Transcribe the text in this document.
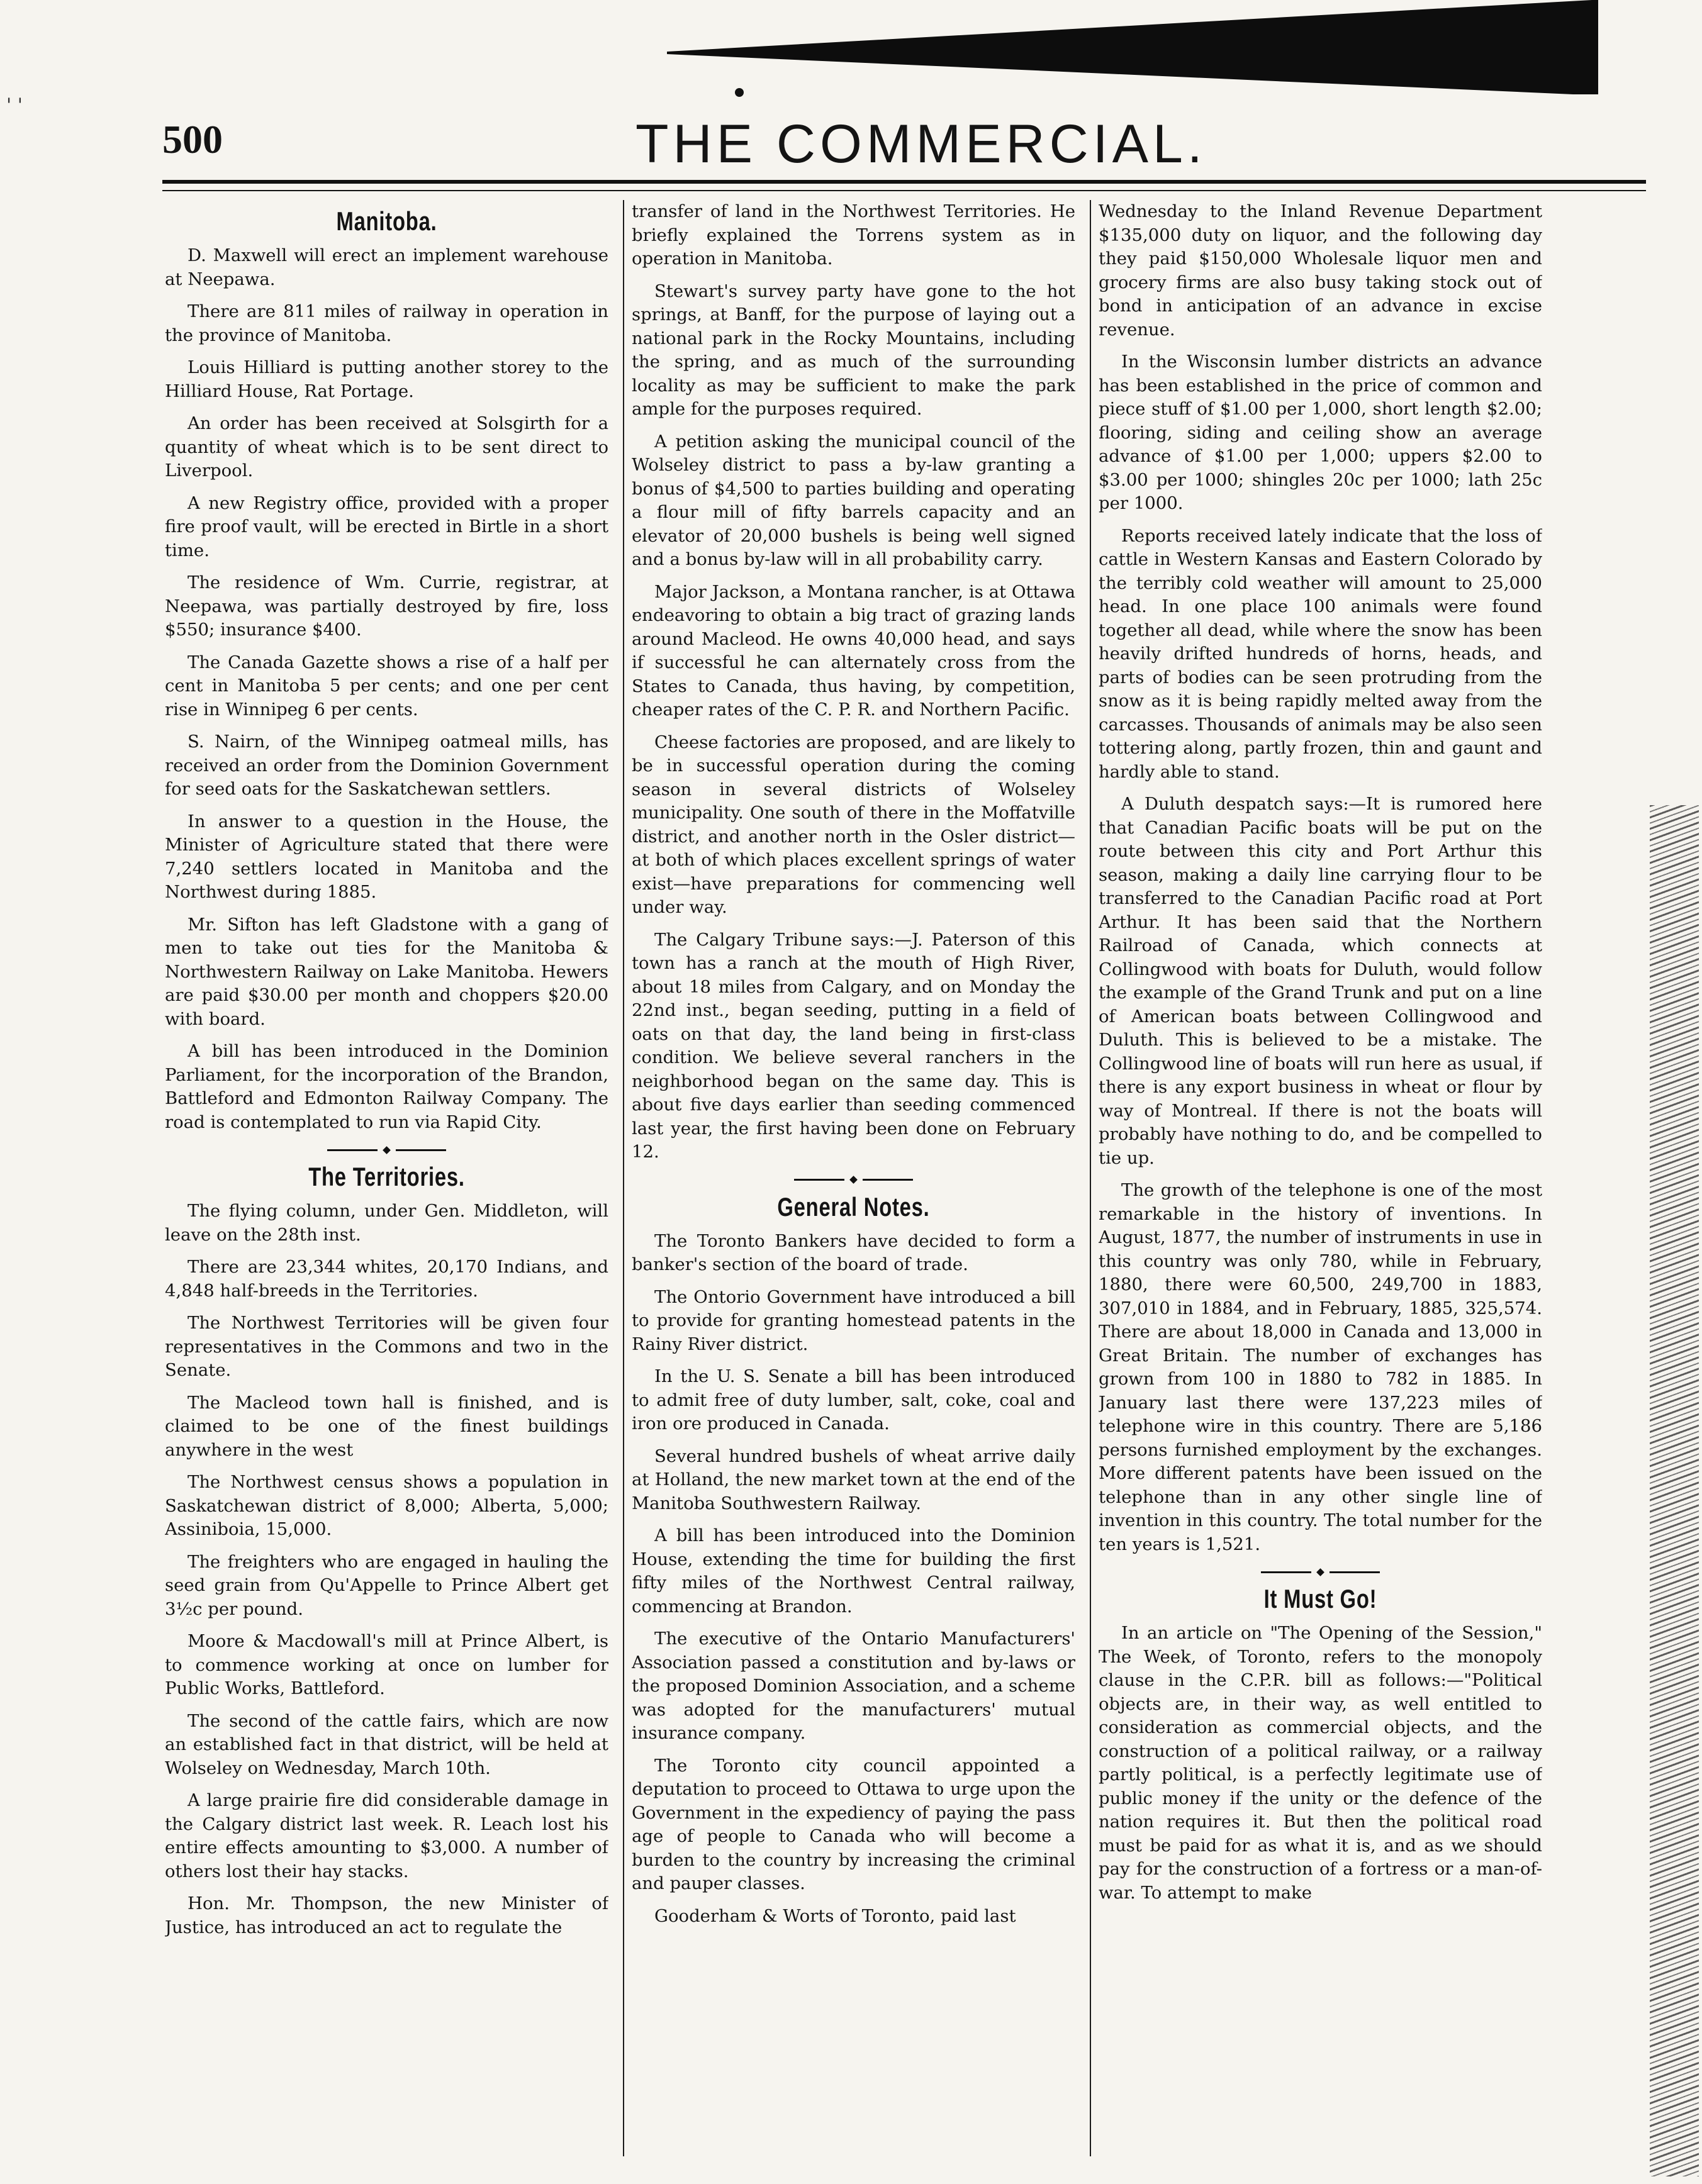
' '
500	THE COMMERCIAL.
Manitoba.

D. Maxwell will erect an implement warehouse at Neepawa.

There are 811 miles of railway in operation in the province of Manitoba.

Louis Hilliard is putting another storey to the Hilliard House, Rat Portage.

An order has been received at Solsgirth for a quantity of wheat which is to be sent direct to Liverpool.

A new Registry office, provided with a proper fire proof vault, will be erected in Birtle in a short time.

The residence of Wm. Currie, registrar, at Neepawa, was partially destroyed by fire, loss $550; insurance $400.

The Canada Gazette shows a rise of a half per cent in Manitoba 5 per cents; and one per cent rise in Winnipeg 6 per cents.

S. Nairn, of the Winnipeg oatmeal mills, has received an order from the Dominion Government for seed oats for the Saskatchewan settlers.

In answer to a question in the House, the Minister of Agriculture stated that there were 7,240 settlers located in Manitoba and the Northwest during 1885.

Mr. Sifton has left Gladstone with a gang of men to take out ties for the Manitoba & Northwestern Railway on Lake Manitoba. Hewers are paid $30.00 per month and choppers $20.00 with board.

A bill has been introduced in the Dominion Parliament, for the incorporation of the Brandon, Battleford and Edmonton Railway Company. The road is contemplated to run via Rapid City.

The Territories.

The flying column, under Gen. Middleton, will leave on the 28th inst.

There are 23,344 whites, 20,170 Indians, and 4,848 half-breeds in the Territories.

The Northwest Territories will be given four representatives in the Commons and two in the Senate.

The Macleod town hall is finished, and is claimed to be one of the finest buildings anywhere in the west

The Northwest census shows a population in Saskatchewan district of 8,000; Alberta, 5,000; Assiniboia, 15,000.

The freighters who are engaged in hauling the seed grain from Qu'Appelle to Prince Albert get 3½c per pound.

Moore & Macdowall's mill at Prince Albert, is to commence working at once on lumber for Public Works, Battleford.

The second of the cattle fairs, which are now an established fact in that district, will be held at Wolseley on Wednesday, March 10th.

A large prairie fire did considerable damage in the Calgary district last week. R. Leach lost his entire effects amounting to $3,000. A number of others lost their hay stacks.

Hon. Mr. Thompson, the new Minister of Justice, has introduced an act to regulate the

transfer of land in the Northwest Territories. He briefly explained the Torrens system as in operation in Manitoba.

Stewart's survey party have gone to the hot springs, at Banff, for the purpose of laying out a national park in the Rocky Mountains, including the spring, and as much of the surrounding locality as may be sufficient to make the park ample for the purposes required.

A petition asking the municipal council of the Wolseley district to pass a by-law granting a bonus of $4,500 to parties building and operating a flour mill of fifty barrels capacity and an elevator of 20,000 bushels is being well signed and a bonus by-law will in all probability carry.

Major Jackson, a Montana rancher, is at Ottawa endeavoring to obtain a big tract of grazing lands around Macleod. He owns 40,000 head, and says if successful he can alternately cross from the States to Canada, thus having, by competition, cheaper rates of the C. P. R. and Northern Pacific.

Cheese factories are proposed, and are likely to be in successful operation during the coming season in several districts of Wolseley municipality. One south of there in the Moffatville district, and another north in the Osler district—at both of which places excellent springs of water exist—have preparations for commencing well under way.

The Calgary Tribune says:—J. Paterson of this town has a ranch at the mouth of High River, about 18 miles from Calgary, and on Monday the 22nd inst., began seeding, putting in a field of oats on that day, the land being in first-class condition. We believe several ranchers in the neighborhood began on the same day. This is about five days earlier than seeding commenced last year, the first having been done on February 12.

General Notes.

The Toronto Bankers have decided to form a banker's section of the board of trade.

The Ontorio Government have introduced a bill to provide for granting homestead patents in the Rainy River district.

In the U. S. Senate a bill has been introduced to admit free of duty lumber, salt, coke, coal and iron ore produced in Canada.

Several hundred bushels of wheat arrive daily at Holland, the new market town at the end of the Manitoba Southwestern Railway.

A bill has been introduced into the Dominion House, extending the time for building the first fifty miles of the Northwest Central railway, commencing at Brandon.

The executive of the Ontario Manufacturers' Association passed a constitution and by-laws or the proposed Dominion Association, and a scheme was adopted for the manufacturers' mutual insurance company.

The Toronto city council appointed a deputation to proceed to Ottawa to urge upon the Government in the expediency of paying the pass age of people to Canada who will become a burden to the country by increasing the criminal and pauper classes.

Gooderham & Worts of Toronto, paid last

Wednesday to the Inland Revenue Department $135,000 duty on liquor, and the following day they paid $150,000 Wholesale liquor men and grocery firms are also busy taking stock out of bond in anticipation of an advance in excise revenue.

In the Wisconsin lumber districts an advance has been established in the price of common and piece stuff of $1.00 per 1,000, short length $2.00; flooring, siding and ceiling show an average advance of $1.00 per 1,000; uppers $2.00 to $3.00 per 1000; shingles 20c per 1000; lath 25c per 1000.

Reports received lately indicate that the loss of cattle in Western Kansas and Eastern Colorado by the terribly cold weather will amount to 25,000 head. In one place 100 animals were found together all dead, while where the snow has been heavily drifted hundreds of horns, heads, and parts of bodies can be seen protruding from the snow as it is being rapidly melted away from the carcasses. Thousands of animals may be also seen tottering along, partly frozen, thin and gaunt and hardly able to stand.

A Duluth despatch says:—It is rumored here that Canadian Pacific boats will be put on the route between this city and Port Arthur this season, making a daily line carrying flour to be transferred to the Canadian Pacific road at Port Arthur. It has been said that the Northern Railroad of Canada, which connects at Collingwood with boats for Duluth, would follow the example of the Grand Trunk and put on a line of American boats between Collingwood and Duluth. This is believed to be a mistake. The Collingwood line of boats will run here as usual, if there is any export business in wheat or flour by way of Montreal. If there is not the boats will probably have nothing to do, and be compelled to tie up.

The growth of the telephone is one of the most remarkable in the history of inventions. In August, 1877, the number of instruments in use in this country was only 780, while in February, 1880, there were 60,500, 249,700 in 1883, 307,010 in 1884, and in February, 1885, 325,574. There are about 18,000 in Canada and 13,000 in Great Britain. The number of exchanges has grown from 100 in 1880 to 782 in 1885. In January last there were 137,223 miles of telephone wire in this country. There are 5,186 persons furnished employment by the exchanges. More different patents have been issued on the telephone than in any other single line of invention in this country. The total number for the ten years is 1,521.

It Must Go!

In an article on "The Opening of the Session," The Week, of Toronto, refers to the monopoly clause in the C.P.R. bill as follows:—"Political objects are, in their way, as well entitled to consideration as commercial objects, and the construction of a political railway, or a railway partly political, is a perfectly legitimate use of public money if the unity or the defence of the nation requires it. But then the political road must be paid for as what it is, and as we should pay for the construction of a fortress or a man-of-war. To attempt to make
